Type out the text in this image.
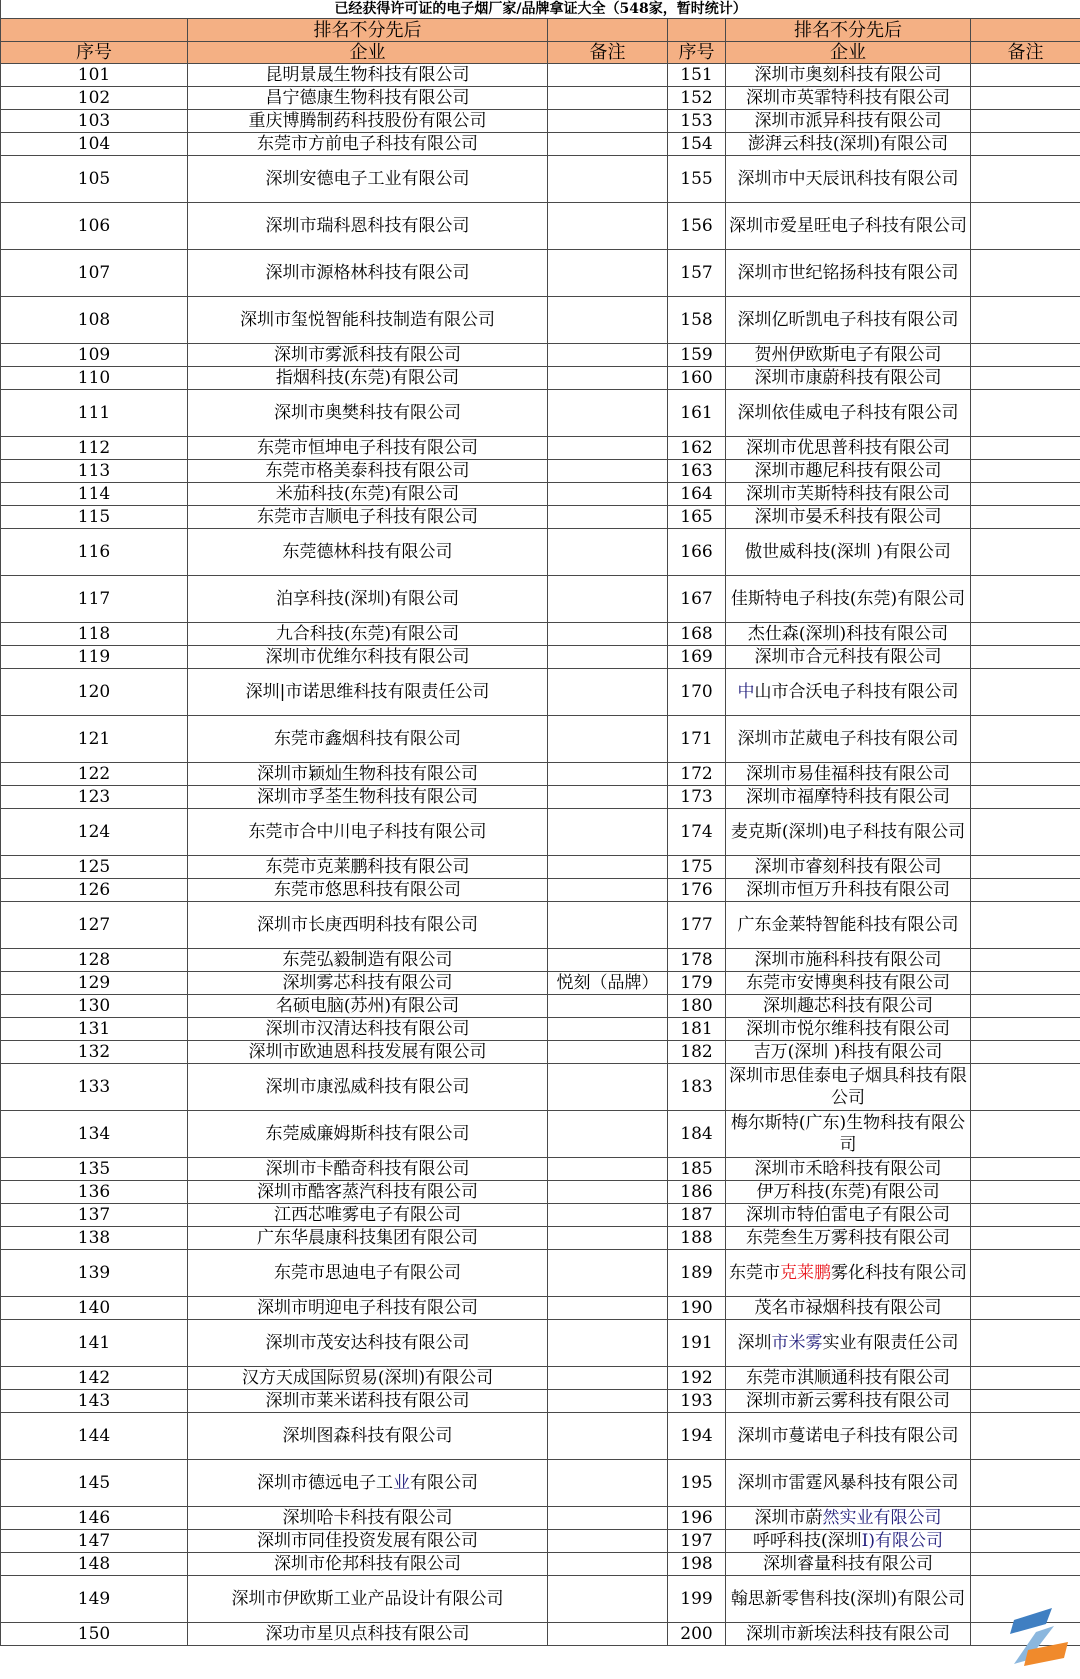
已经获得许可证的电子烟厂家/品牌拿证大全（548家，暂时统计）					
	排名不分先后			排名不分先后	
序号	企业	备注	序号	企业	备注
101	昆明景晟生物科技有限公司		151	深圳市奥刻科技有限公司	
102	昌宁德康生物科技有限公司		152	深圳市英霏特科技有限公司	
103	重庆博腾制药科技股份有限公司		153	深圳市派异科技有限公司	
104	东莞市方前电子科技有限公司		154	澎湃云科技(深圳)有限公司	
105	深圳安德电子工业有限公司		155	深圳市中天辰讯科技有限公司	
106	深圳市瑞科恩科技有限公司		156	深圳市爱星旺电子科技有限公司	
107	深圳市源格林科技有限公司		157	深圳市世纪铭扬科技有限公司	
108	深圳市玺悦智能科技制造有限公司		158	深圳亿昕凯电子科技有限公司	
109	深圳市雾派科技有限公司		159	贺州伊欧斯电子有限公司	
110	指烟科技(东莞)有限公司		160	深圳市康蔚科技有限公司	
111	深圳市奥樊科技有限公司		161	深圳依佳威电子科技有限公司	
112	东莞市恒坤电子科技有限公司		162	深圳市优思普科技有限公司	
113	东莞市格美泰科技有限公司		163	深圳市趣尼科技有限公司	
114	米茄科技(东莞)有限公司		164	深圳市芙斯特科技有限公司	
115	东莞市吉顺电子科技有限公司		165	深圳市晏禾科技有限公司	
116	东莞德林科技有限公司		166	傲世威科技(深圳 )有限公司	
117	泊享科技(深圳)有限公司		167	佳斯特电子科技(东莞)有限公司	
118	九合科技(东莞)有限公司		168	杰仕森(深圳)科技有限公司	
119	深圳市优维尔科技有限公司		169	深圳市合元科技有限公司	
120	深圳|市诺思维科技有限责任公司		170	中山市合沃电子科技有限公司	
121	东莞市鑫烟科技有限公司		171	深圳市芷葳电子科技有限公司	
122	深圳市颖灿生物科技有限公司		172	深圳市易佳福科技有限公司	
123	深圳市孚荃生物科技有限公司		173	深圳市福摩特科技有限公司	
124	东莞市合中川电子科技有限公司		174	麦克斯(深圳)电子科技有限公司	
125	东莞市克莱鹏科技有限公司		175	深圳市睿刻科技有限公司	
126	东莞市悠思科技有限公司		176	深圳市恒万升科技有限公司	
127	深圳市长庚西明科技有限公司		177	广东金莱特智能科技有限公司	
128	东莞弘毅制造有限公司		178	深圳市施科科技有限公司	
129	深圳雾芯科技有限公司	悦刻（品牌）	179	东莞市安博奥科技有限公司	
130	名硕电脑(苏州)有限公司		180	深圳趣芯科技有限公司	
131	深圳市汉清达科技有限公司		181	深圳市悦尔维科技有限公司	
132	深圳市欧迪恩科技发展有限公司		182	吉万(深圳 )科技有限公司	
133	深圳市康泓威科技有限公司		183	深圳市思佳泰电子烟具科技有限公司	
134	东莞威廉姆斯科技有限公司		184	梅尔斯特(广东)生物科技有限公司	
135	深圳市卡酷奇科技有限公司		185	深圳市禾晗科技有限公司	
136	深圳市酷客蒸汽科技有限公司		186	伊万科技(东莞)有限公司	
137	江西芯唯雾电子有限公司		187	深圳市特伯雷电子有限公司	
138	广东华晨康科技集团有限公司		188	东莞叁生万雾科技有限公司	
139	东莞市思迪电子有限公司		189	东莞市克莱鹏雾化科技有限公司	
140	深圳市明迎电子科技有限公司		190	茂名市禄烟科技有限公司	
141	深圳市茂安达科技有限公司		191	深圳市米雾实业有限责任公司	
142	汉方天成国际贸易(深圳)有限公司		192	东莞市淇顺通科技有限公司	
143	深圳市莱米诺科技有限公司		193	深圳市新云雾科技有限公司	
144	深圳图森科技有限公司		194	深圳市蔓诺电子科技有限公司	
145	深圳市德远电子工业有限公司		195	深圳市雷霆风暴科技有限公司	
146	深圳哈卡科技有限公司		196	深圳市蔚然实业有限公司	
147	深圳市同佳投资发展有限公司		197	呼呼科技(深圳I)有限公司	
148	深圳市伦邦科技有限公司		198	深圳睿量科技有限公司	
149	深圳市伊欧斯工业产品设计有限公司		199	翰思新零售科技(深圳)有限公司	
150	深功市星贝点科技有限公司		200	深圳市新埃法科技有限公司	
